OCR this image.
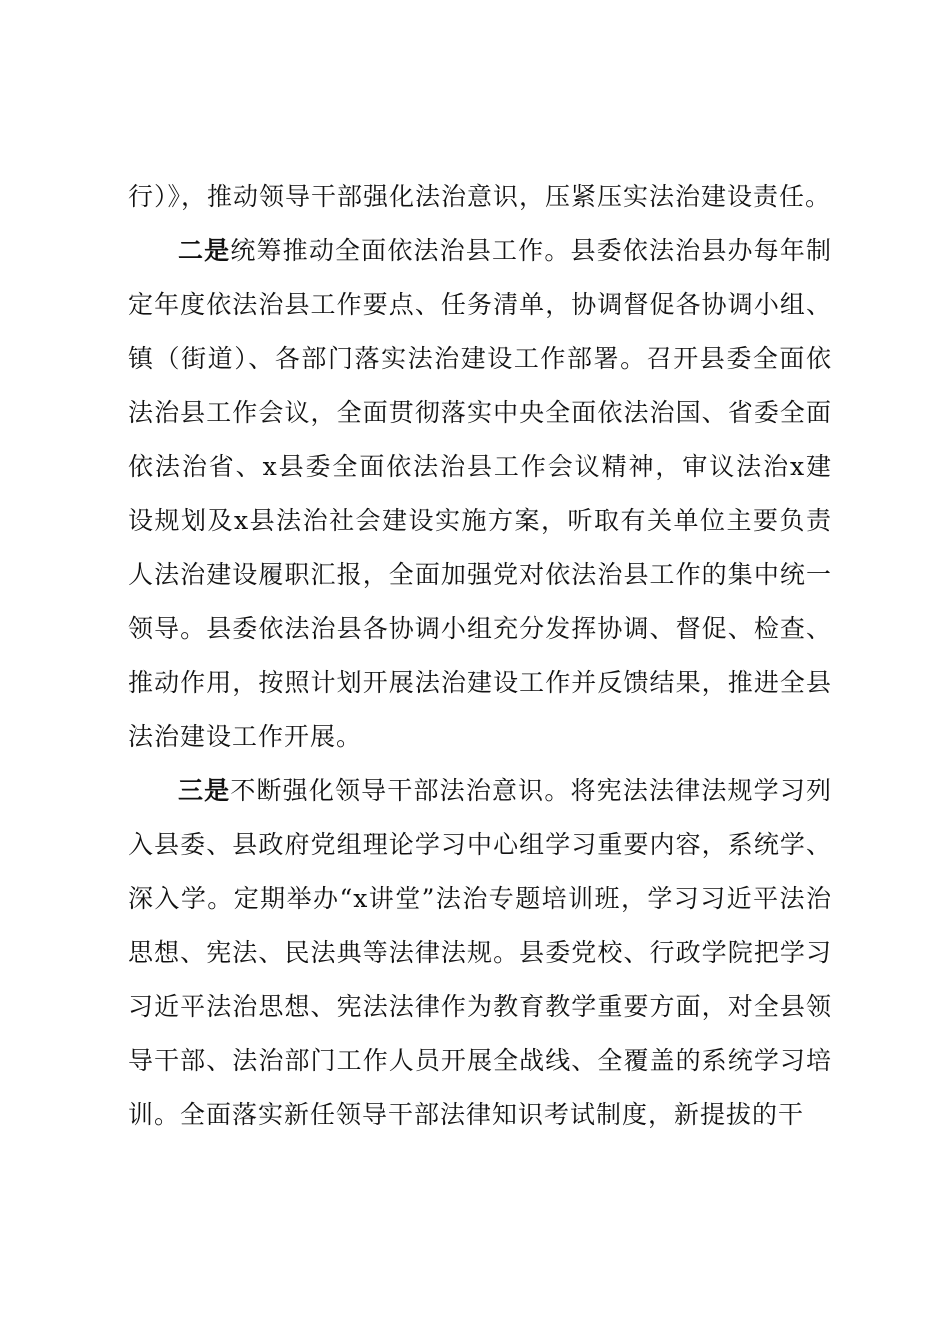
行）》，推动领导干部强化法治意识，压紧压实法治建设责任。

二是统筹推动全面依法治县工作。县委依法治县办每年制定年度依法治县工作要点、任务清单，协调督促各协调小组、镇（街道）、各部门落实法治建设工作部署。召开县委全面依法治县工作会议，全面贯彻落实中央全面依法治国、省委全面依法治省、x县委全面依法治县工作会议精神，审议法治x建设规划及x县法治社会建设实施方案，听取有关单位主要负责人法治建设履职汇报，全面加强党对依法治县工作的集中统一领导。县委依法治县各协调小组充分发挥协调、督促、检查、推动作用，按照计划开展法治建设工作并反馈结果，推进全县法治建设工作开展。

三是不断强化领导干部法治意识。将宪法法律法规学习列入县委、县政府党组理论学习中心组学习重要内容，系统学、深入学。定期举办“x讲堂”法治专题培训班，学习习近平法治思想、宪法、民法典等法律法规。县委党校、行政学院把学习习近平法治思想、宪法法律作为教育教学重要方面，对全县领导干部、法治部门工作人员开展全战线、全覆盖的系统学习培训。全面落实新任领导干部法律知识考试制度，新提拔的干
